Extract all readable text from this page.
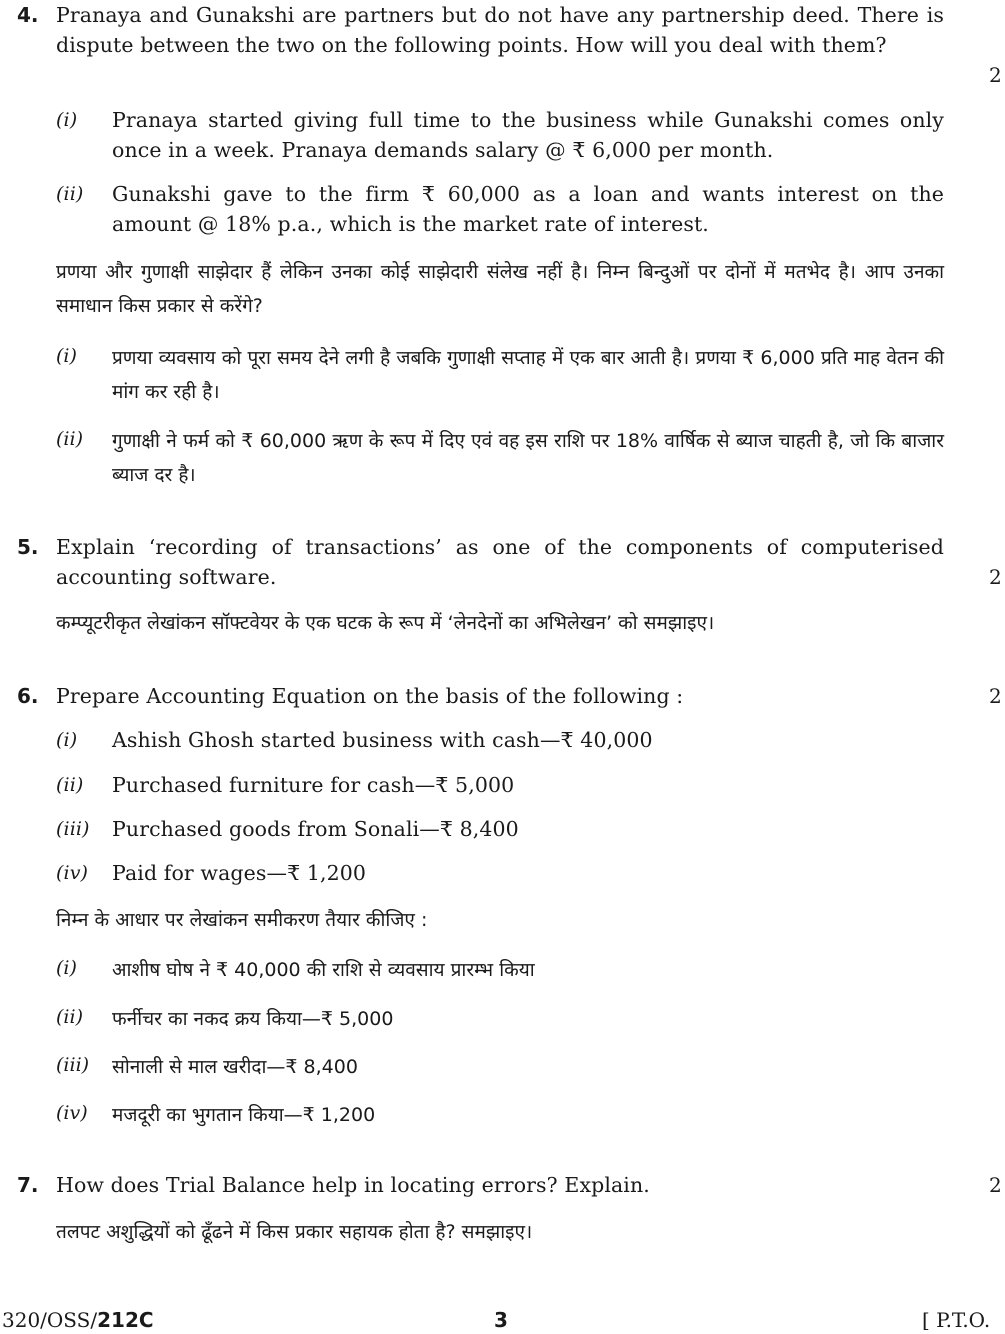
4. Pranaya and Gunakshi are partners but do not have any partnership deed. There is dispute between the two on the following points. How will you deal with them?

2
(i)	Pranaya started giving full time to the business while Gunakshi comes only once in a week. Pranaya demands salary @ ₹ 6,000 per month.
(ii)	Gunakshi gave to the firm ₹ 60,000 as a loan and wants interest on the amount @ 18% p.a., which is the market rate of interest.

प्रणया और गुणाक्षी साझेदार हैं लेकिन उनका कोई साझेदारी संलेख नहीं है। निम्न बिन्दुओं पर दोनों में मतभेद है। आप उनका समाधान किस प्रकार से करेंगे?

(i)	प्रणया व्यवसाय को पूरा समय देने लगी है जबकि गुणाक्षी सप्ताह में एक बार आती है। प्रणया ₹ 6,000 प्रति माह वेतन की मांग कर रही है।
(ii)	गुणाक्षी ने फर्म को ₹ 60,000 ऋण के रूप में दिए एवं वह इस राशि पर 18% वार्षिक से ब्याज चाहती है, जो कि बाजार ब्याज दर है।
5. Explain ‘recording of transactions’ as one of the components of computerised accounting software.	2

कम्प्यूटरीकृत लेखांकन सॉफ्टवेयर के एक घटक के रूप में ‘लेनदेनों का अभिलेखन’ को समझाइए।

6. Prepare Accounting Equation on the basis of the following :	2
(i)	Ashish Ghosh started business with cash—₹ 40,000
(ii)	Purchased furniture for cash—₹ 5,000
(iii)	Purchased goods from Sonali—₹ 8,400
(iv)	Paid for wages—₹ 1,200

निम्न के आधार पर लेखांकन समीकरण तैयार कीजिए :

(i)	आशीष घोष ने ₹ 40,000 की राशि से व्यवसाय प्रारम्भ किया
(ii)	फर्नीचर का नकद क्रय किया—₹ 5,000
(iii)	सोनाली से माल खरीदा—₹ 8,400
(iv)	मजदूरी का भुगतान किया—₹ 1,200
7. How does Trial Balance help in locating errors? Explain.	2

तलपट अशुद्धियों को ढूँढने में किस प्रकार सहायक होता है? समझाइए।

320/OSS/212C	3	[ P.T.O.
